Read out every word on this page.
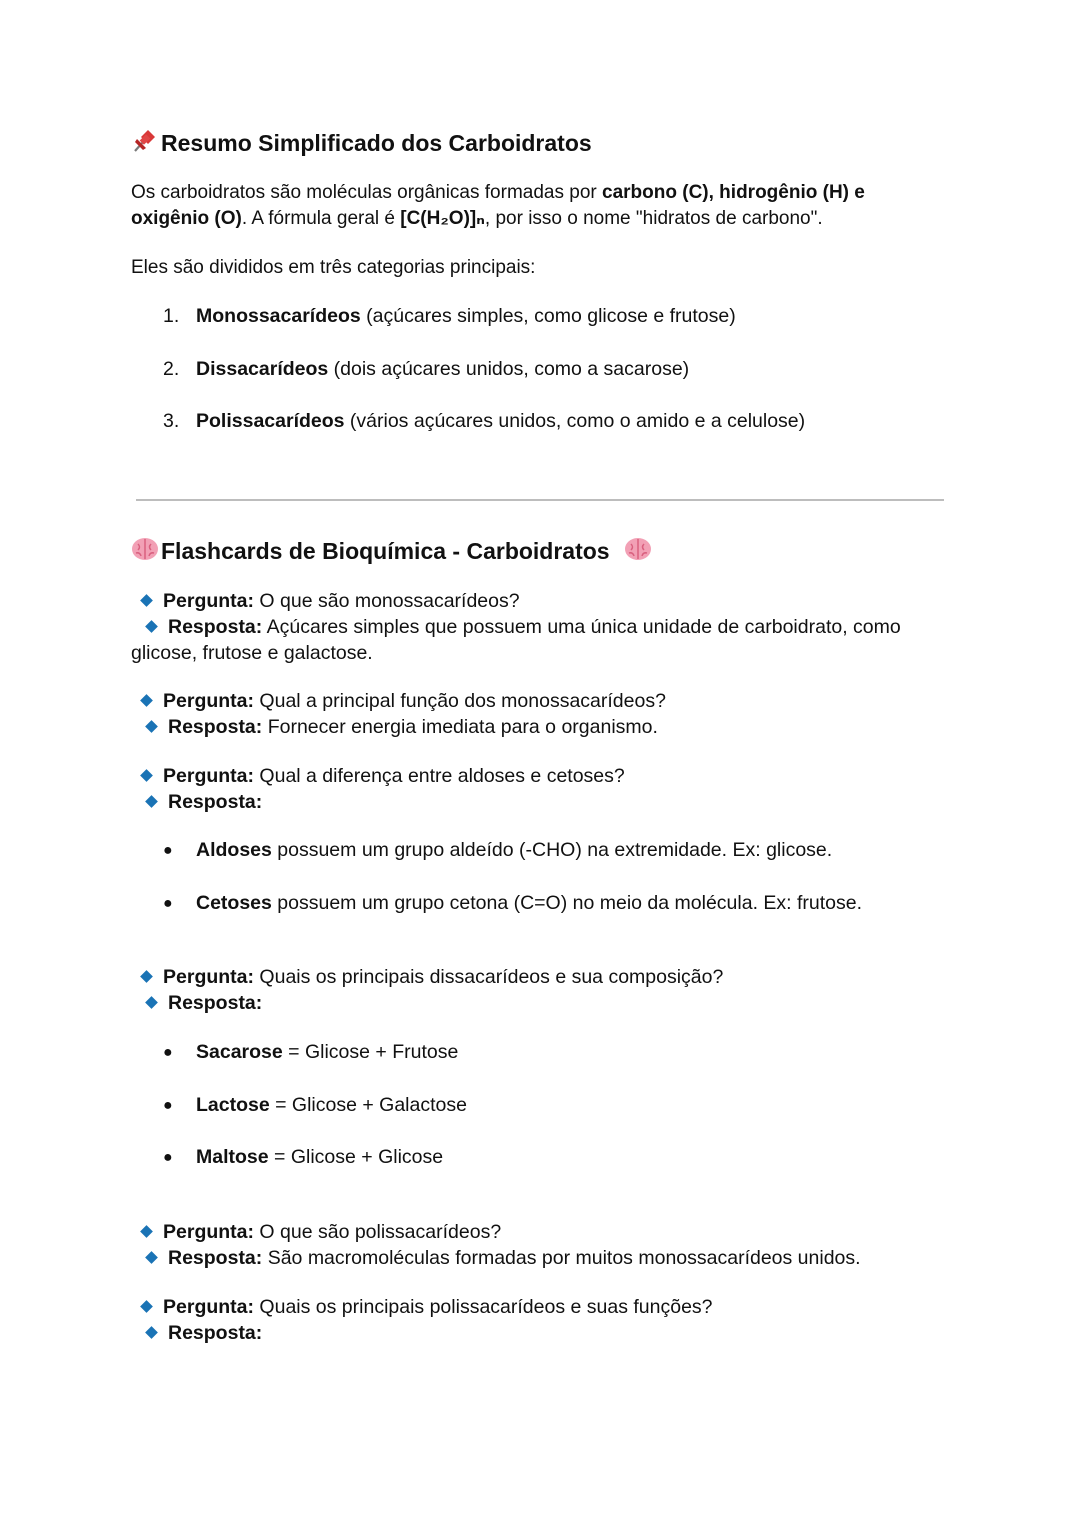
Resumo Simplificado dos Carboidratos
Os carboidratos são moléculas orgânicas formadas por carbono (C), hidrogênio (H) e oxigênio (O). A fórmula geral é [C(H₂O)]ₙ, por isso o nome "hidratos de carbono".
Eles são divididos em três categorias principais:
1. Monossacarídeos (açúcares simples, como glicose e frutose)
2. Dissacarídeos (dois açúcares unidos, como a sacarose)
3. Polissacarídeos (vários açúcares unidos, como o amido e a celulose)
Flashcards de Bioquímica - Carboidratos
Pergunta: O que são monossacarídeos?
Resposta: Açúcares simples que possuem uma única unidade de carboidrato, como glicose, frutose e galactose.
Pergunta: Qual a principal função dos monossacarídeos?
Resposta: Fornecer energia imediata para o organismo.
Pergunta: Qual a diferença entre aldoses e cetoses?
Resposta:
● Aldoses possuem um grupo aldeído (-CHO) na extremidade. Ex: glicose.
● Cetoses possuem um grupo cetona (C=O) no meio da molécula. Ex: frutose.
Pergunta: Quais os principais dissacarídeos e sua composição?
Resposta:
● Sacarose = Glicose + Frutose
● Lactose = Glicose + Galactose
● Maltose = Glicose + Glicose
Pergunta: O que são polissacarídeos?
Resposta: São macromoléculas formadas por muitos monossacarídeos unidos.
Pergunta: Quais os principais polissacarídeos e suas funções?
Resposta:
